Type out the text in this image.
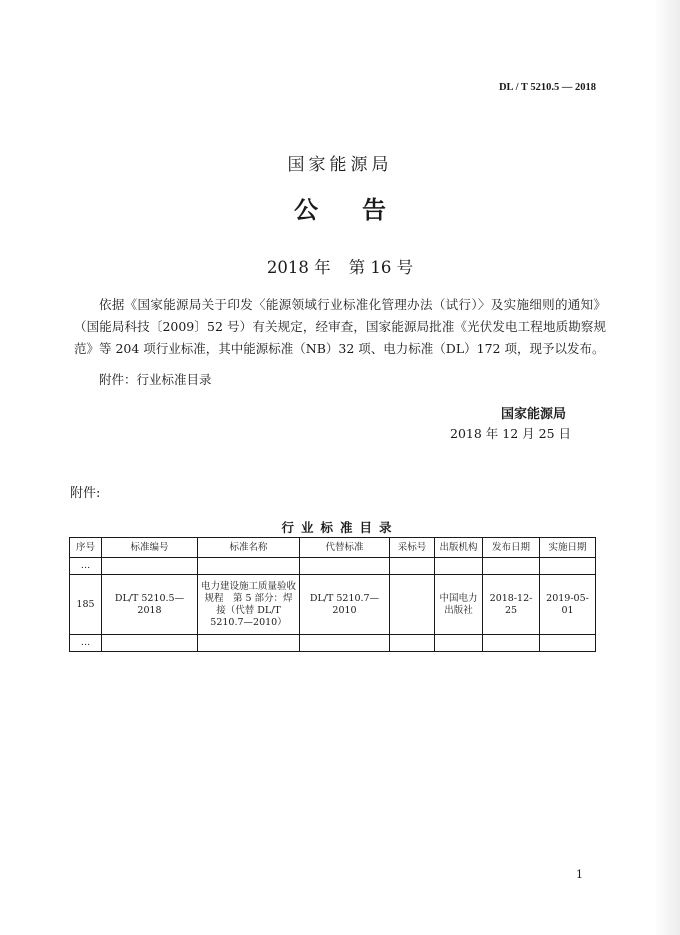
DL / T 5210.5 — 2018
国家能源局
公告
2018 年 第 16 号

依据《国家能源局关于印发〈能源领域行业标准化管理办法（试行）〉及实施细则的通知》（国能局科技〔2009〕52 号）有关规定，经审查，国家能源局批准《光伏发电工程地质勘察规范》等 204 项行业标准，其中能源标准（NB）32 项、电力标准（DL）172 项，现予以发布。

附件：行业标准目录
国家能源局
2018 年 12 月 25 日
附件:
行业标准目录
序号	标准编号	标准名称	代替标准	采标号	出版机构	发布日期	实施日期
…							
185	DL/T 5210.5—2018	电力建设施工质量验收规程　第 5 部分：焊接（代替 DL/T 5210.7—2010）	DL/T 5210.7—2010		中国电力出版社	2018-12-25	2019-05-01
…							
1
